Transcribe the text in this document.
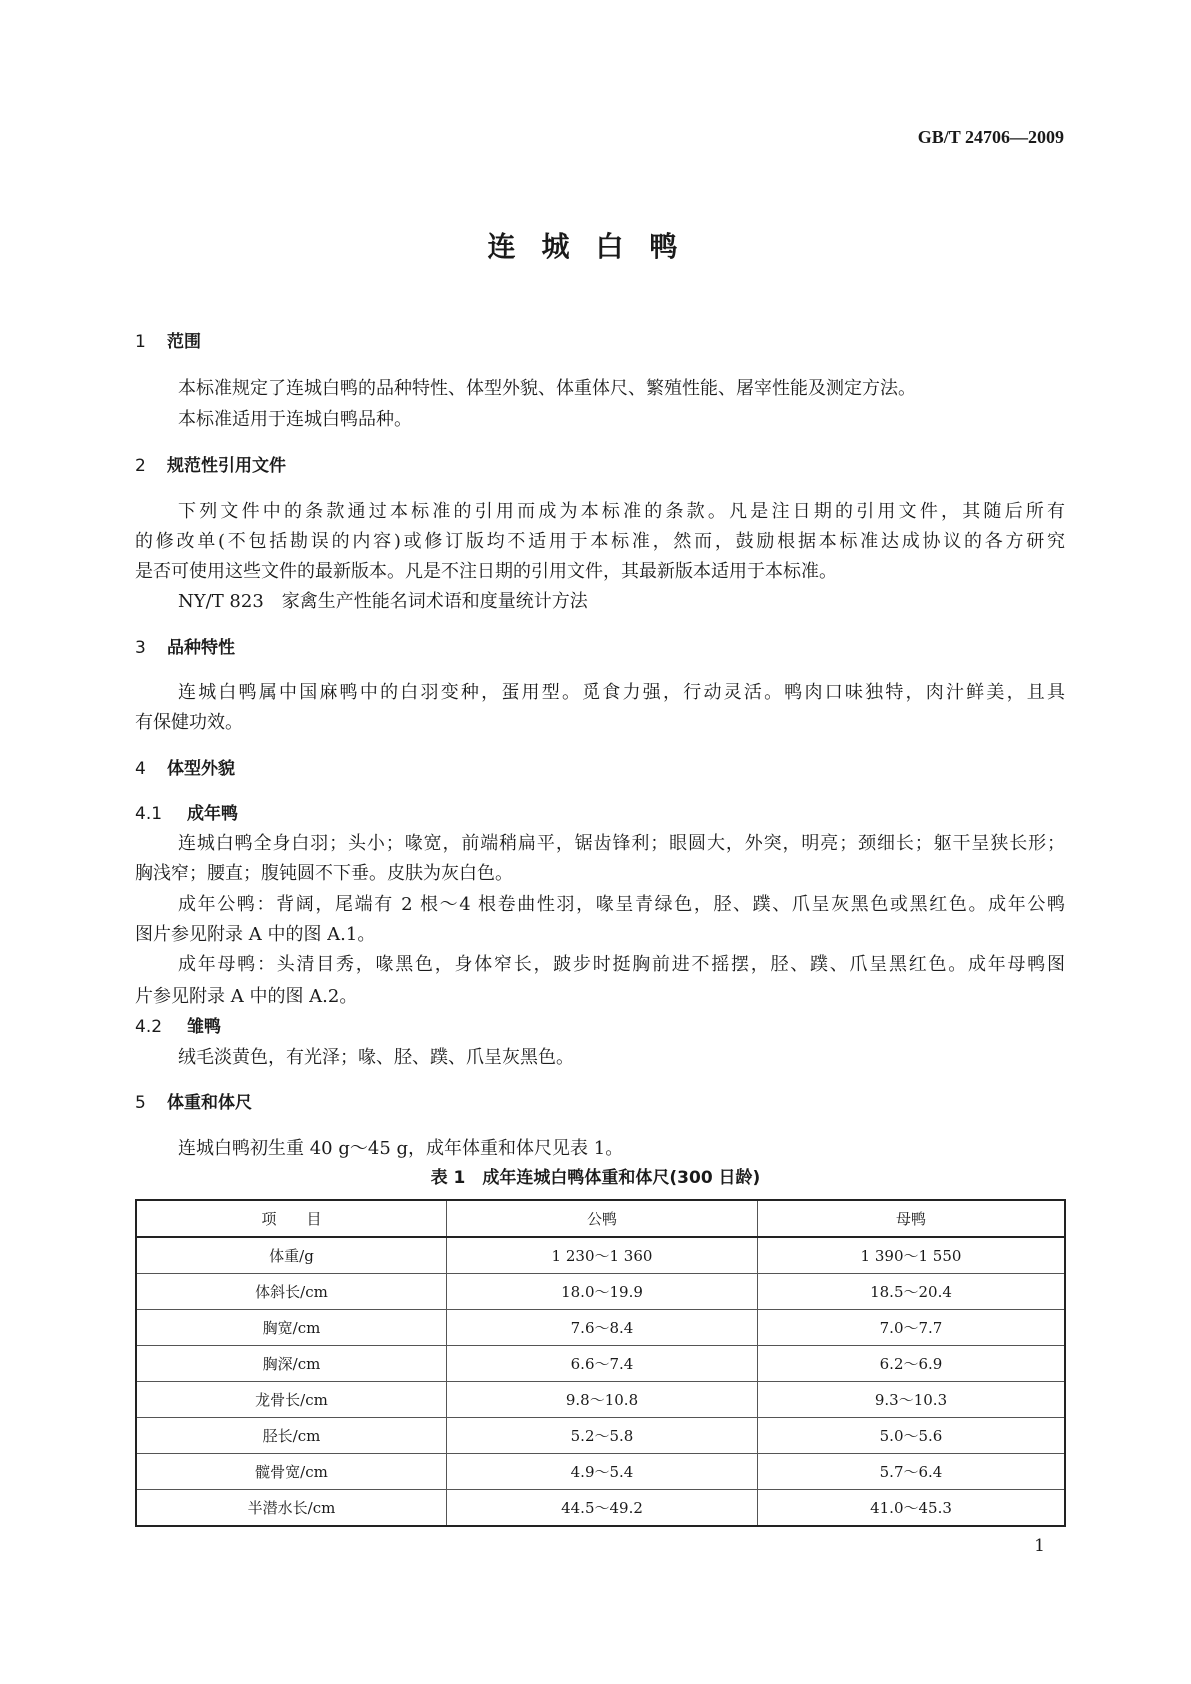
GB/T 24706—2009
连城白鸭
1 范围
本标准规定了连城白鸭的品种特性、体型外貌、体重体尺、繁殖性能、屠宰性能及测定方法。
本标准适用于连城白鸭品种。
2 规范性引用文件
下列文件中的条款通过本标准的引用而成为本标准的条款。凡是注日期的引用文件，其随后所有
的修改单(不包括勘误的内容)或修订版均不适用于本标准，然而，鼓励根据本标准达成协议的各方研究
是否可使用这些文件的最新版本。凡是不注日期的引用文件，其最新版本适用于本标准。
NY/T 823　家禽生产性能名词术语和度量统计方法
3 品种特性
连城白鸭属中国麻鸭中的白羽变种，蛋用型。觅食力强，行动灵活。鸭肉口味独特，肉汁鲜美，且具
有保健功效。
4 体型外貌
4.1 成年鸭
连城白鸭全身白羽；头小；喙宽，前端稍扁平，锯齿锋利；眼圆大，外突，明亮；颈细长；躯干呈狭长形；
胸浅窄；腰直；腹钝圆不下垂。皮肤为灰白色。
成年公鸭：背阔，尾端有 2 根～4 根卷曲性羽，喙呈青绿色，胫、蹼、爪呈灰黑色或黑红色。成年公鸭
图片参见附录 A 中的图 A.1。
成年母鸭：头清目秀，喙黑色，身体窄长，跛步时挺胸前进不摇摆，胫、蹼、爪呈黑红色。成年母鸭图
片参见附录 A 中的图 A.2。
4.2 雏鸭
绒毛淡黄色，有光泽；喙、胫、蹼、爪呈灰黑色。
5 体重和体尺
连城白鸭初生重 40 g～45 g，成年体重和体尺见表 1。
表 1　成年连城白鸭体重和体尺(300 日龄)
项　　目	公鸭	母鸭
体重/g	1 230～1 360	1 390～1 550
体斜长/cm	18.0～19.9	18.5～20.4
胸宽/cm	7.6～8.4	7.0～7.7
胸深/cm	6.6～7.4	6.2～6.9
龙骨长/cm	9.8～10.8	9.3～10.3
胫长/cm	5.2～5.8	5.0～5.6
髋骨宽/cm	4.9～5.4	5.7～6.4
半潜水长/cm	44.5～49.2	41.0～45.3
1
